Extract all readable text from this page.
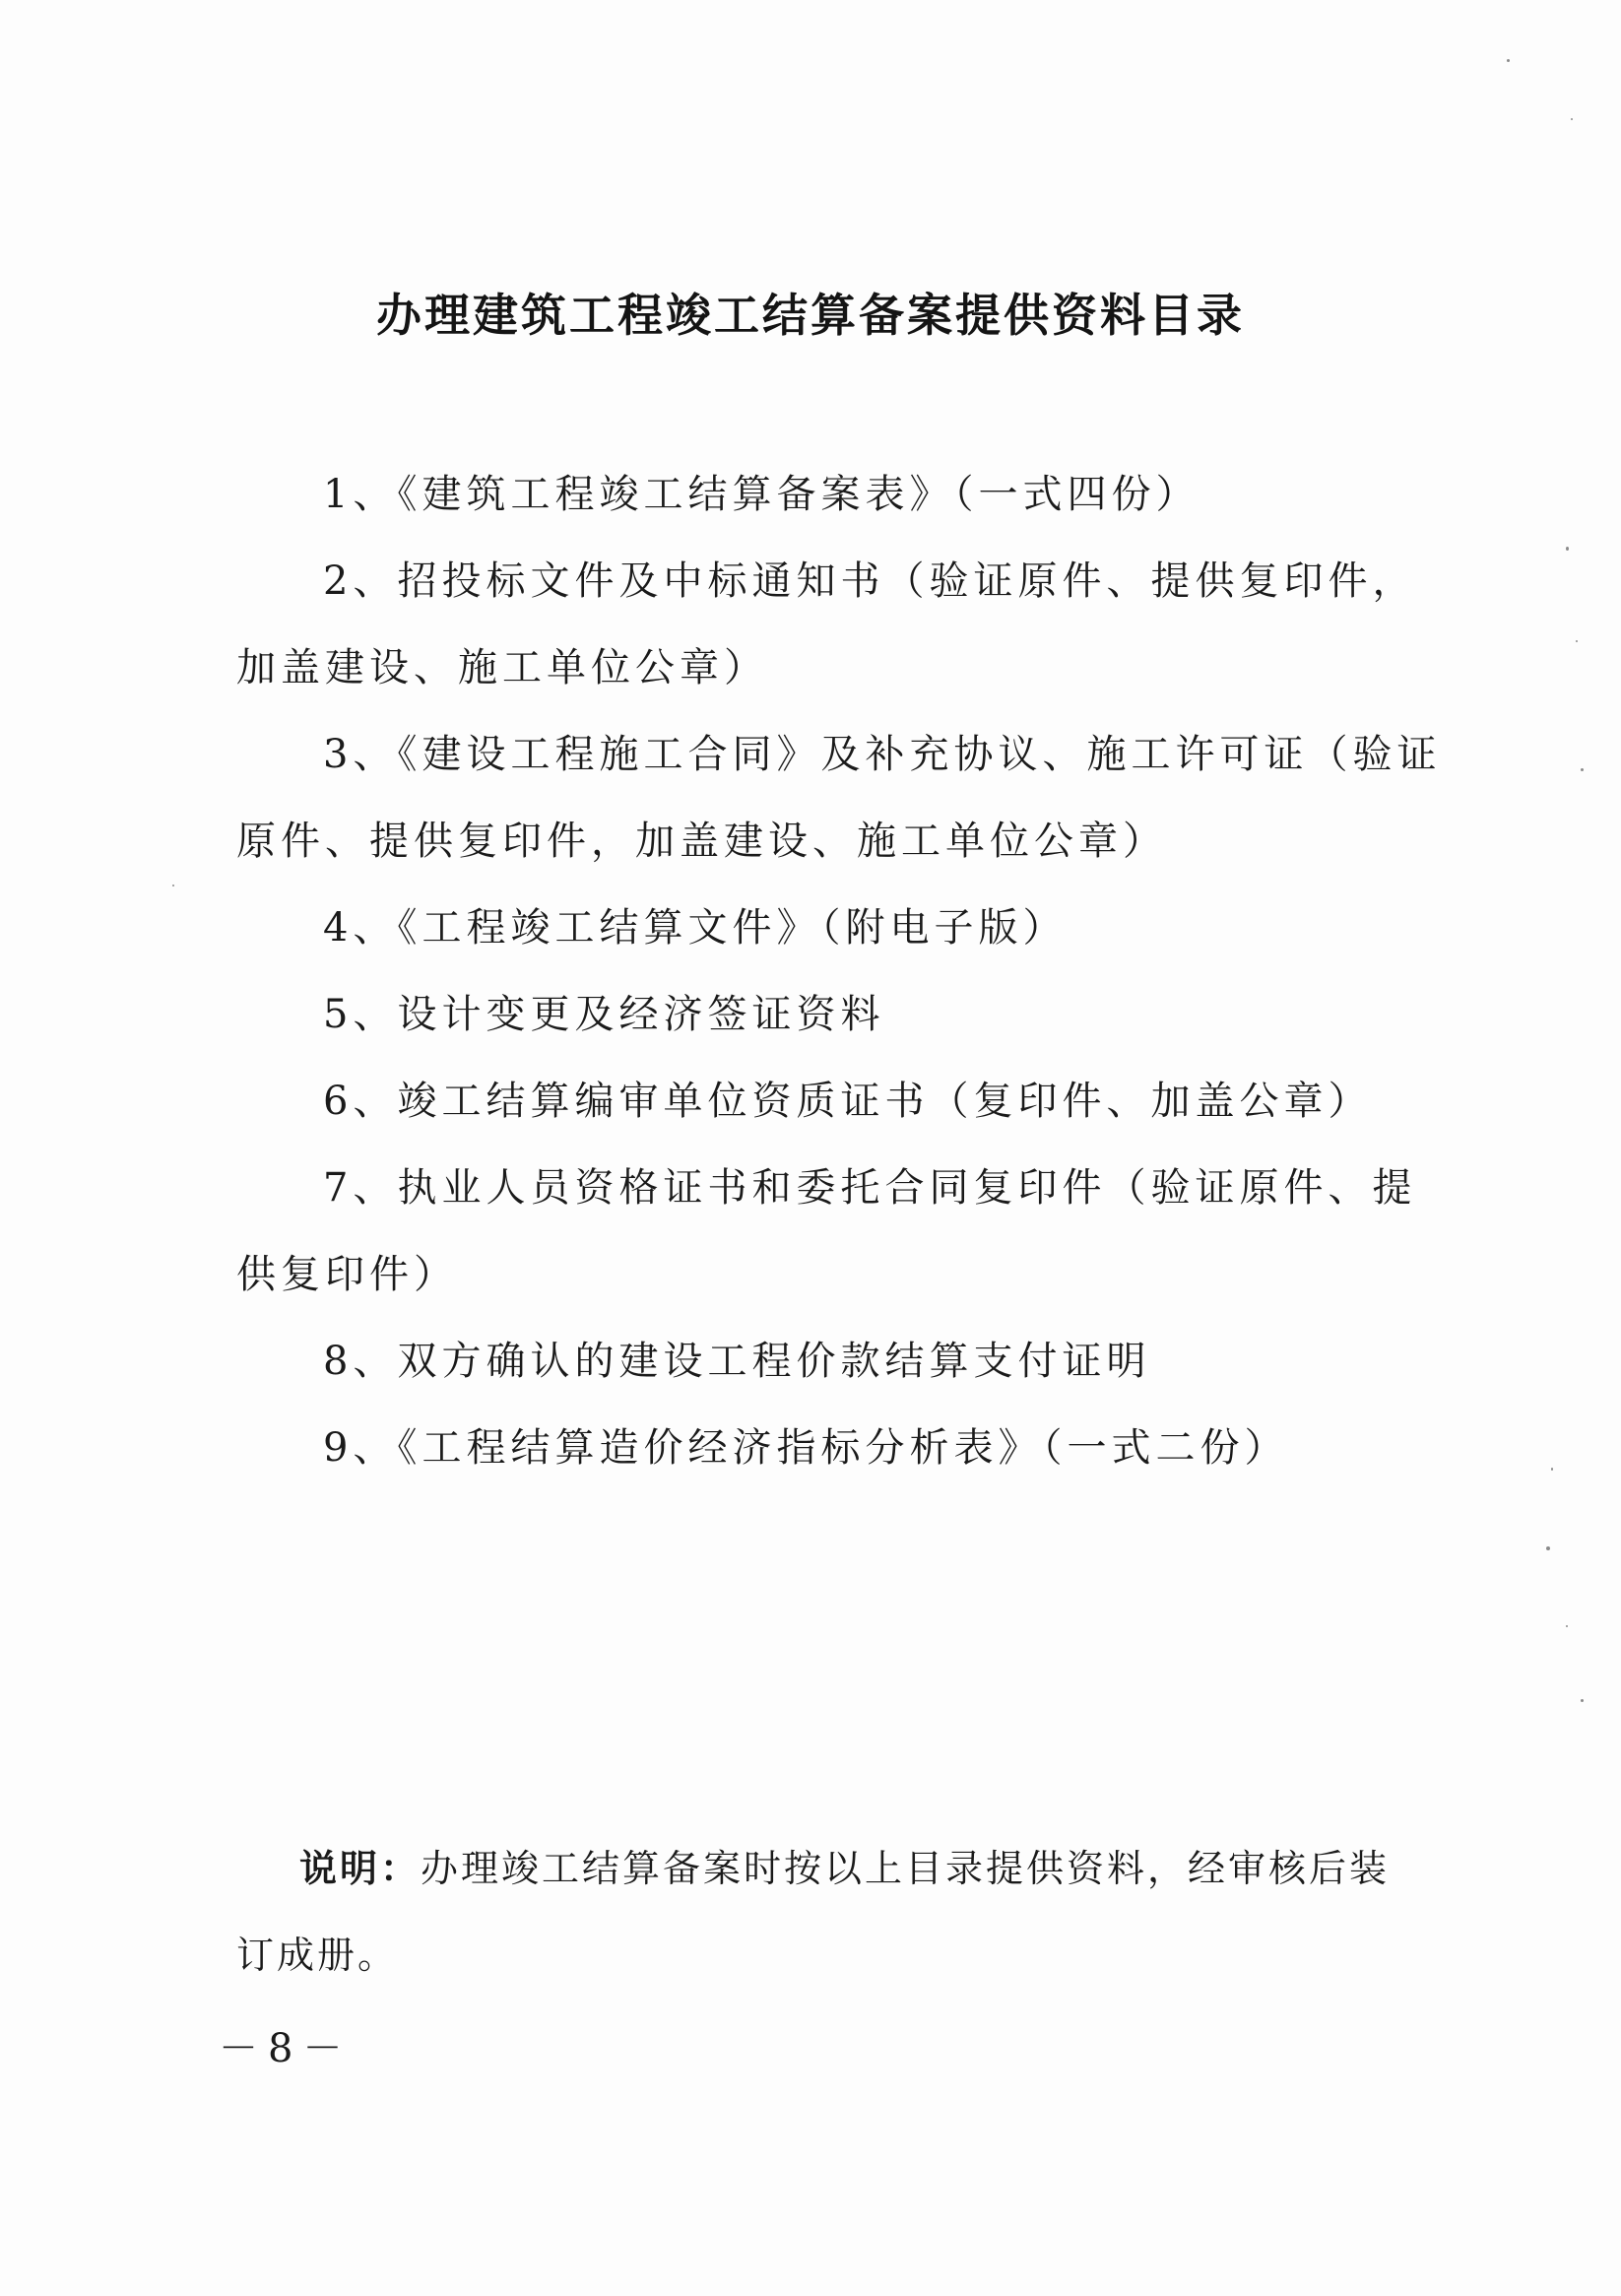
办理建筑工程竣工结算备案提供资料目录
1、《建筑工程竣工结算备案表》（一式四份）
2、招投标文件及中标通知书（验证原件、提供复印件，加盖建设、施工单位公章）
3、《建设工程施工合同》及补充协议、施工许可证（验证原件、提供复印件，加盖建设、施工单位公章）
4、《工程竣工结算文件》（附电子版）
5、设计变更及经济签证资料
6、竣工结算编审单位资质证书（复印件、加盖公章）
7、执业人员资格证书和委托合同复印件（验证原件、提供复印件）
8、双方确认的建设工程价款结算支付证明
9、《工程结算造价经济指标分析表》（一式二份）

说明：办理竣工结算备案时按以上目录提供资料，经审核后装订成册。

－8－
